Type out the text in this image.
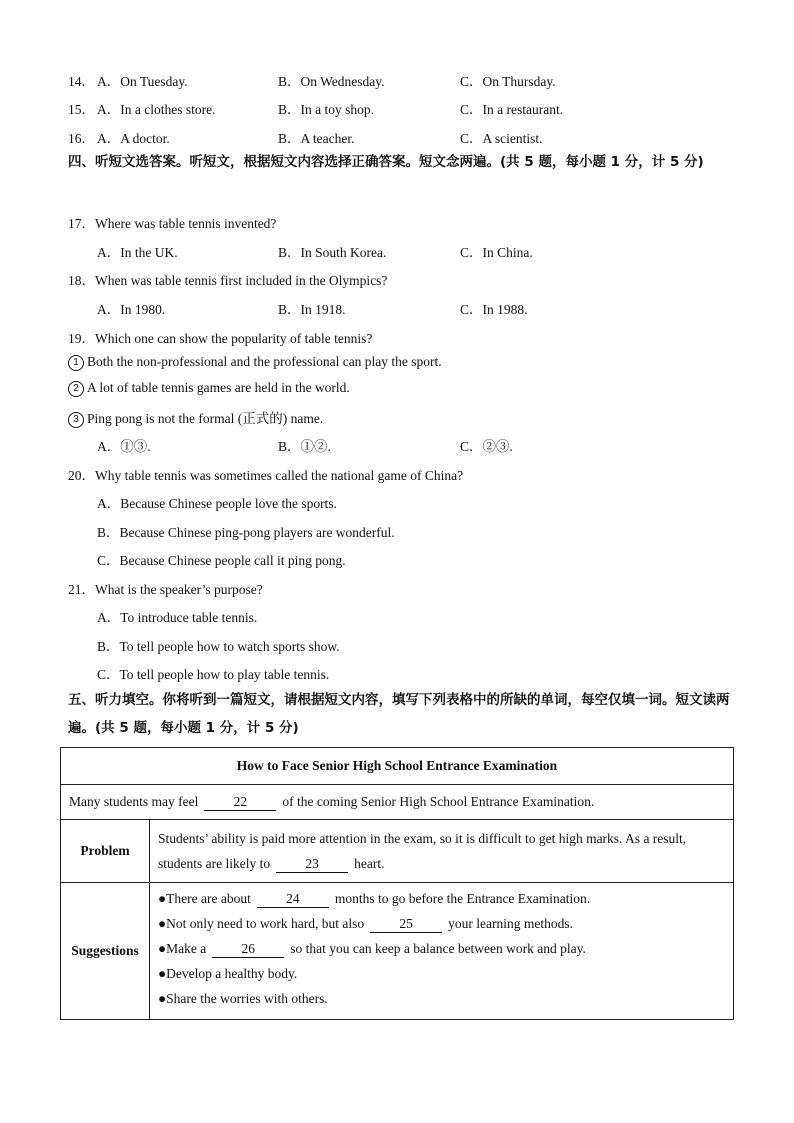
14． A．On Tuesday.	B．On Wednesday.	C．On Thursday.
15． A．In a clothes store.	B．In a toy shop.	C．In a restaurant.
16． A．A doctor.	B．A teacher.	C．A scientist.
四、听短文选答案。听短文，根据短文内容选择正确答案。短文念两遍。(共 5 题，每小题 1 分，计 5 分)
17．Where was table tennis invented?
A．In the UK.	B．In South Korea.	C．In China.
18．When was table tennis first included in the Olympics?
A．In 1980.	B．In 1918.	C．In 1988.
19．Which one can show the popularity of table tennis?
1 Both the non-professional and the professional can play the sport.
2 A lot of table tennis games are held in the world.
3 Ping pong is not the formal (正式的) name.
A．①③.	B．①②.	C．②③.
20．Why table tennis was sometimes called the national game of China?
A．Because Chinese people love the sports.
B．Because Chinese ping-pong players are wonderful.
C．Because Chinese people call it ping pong.
21．What is the speaker’s purpose?
A．To introduce table tennis.
B．To tell people how to watch sports show.
C．To tell people how to play table tennis.
五、听力填空。你将听到一篇短文，请根据短文内容，填写下列表格中的所缺的单词，每空仅填一词。短文读两遍。(共 5 题，每小题 1 分，计 5 分)
How to Face Senior High School Entrance Examination	
Many students may feel 22 of the coming Senior High School Entrance Examination.	
Problem	Students’ ability is paid more attention in the exam, so it is difficult to get high marks. As a result, students are likely to 23 heart.
Suggestions	●There are about 24 months to go before the Entrance Examination.
●Not only need to work hard, but also 25 your learning methods.
●Make a 26 so that you can keep a balance between work and play.
●Develop a healthy body.
●Share the worries with others.
